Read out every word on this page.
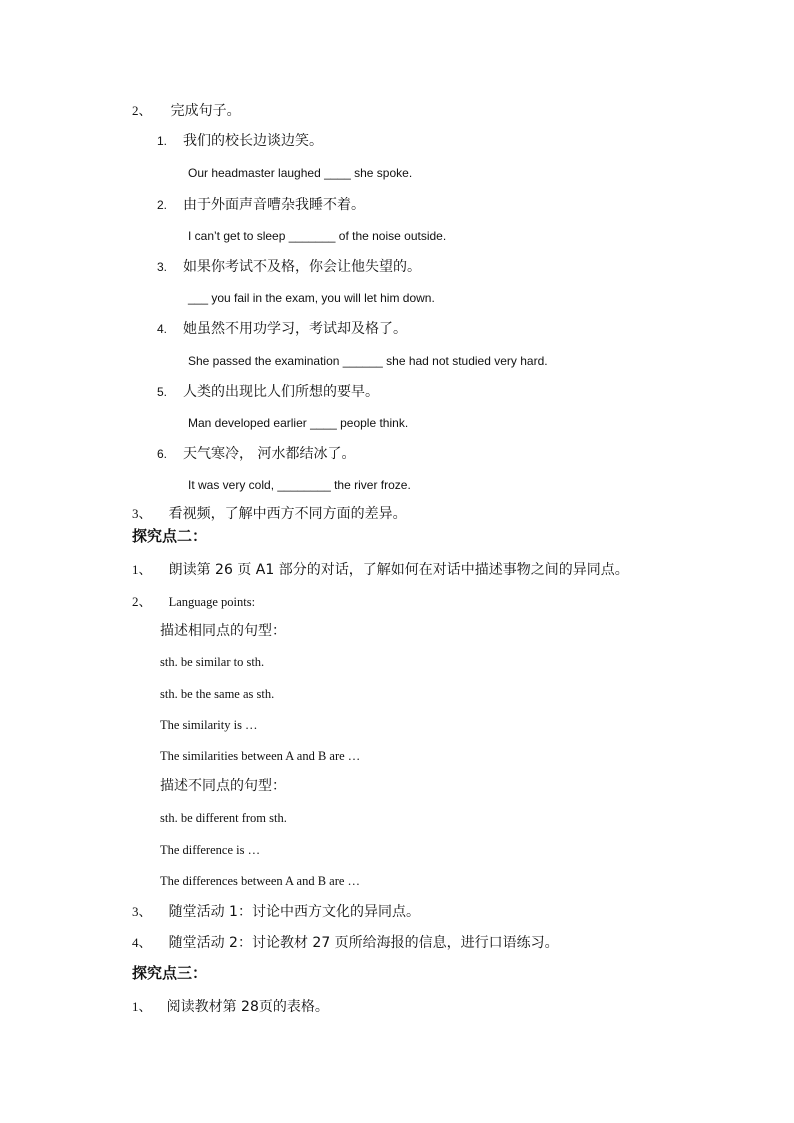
2、 完成句子。
1. 我们的校长边谈边笑。
Our headmaster laughed ____ she spoke.
2. 由于外面声音嘈杂我睡不着。
I can’t get to sleep _______ of the noise outside.
3. 如果你考试不及格，你会让他失望的。
___ you fail in the exam, you will let him down.
4. 她虽然不用功学习，考试却及格了。
She passed the examination ______ she had not studied very hard.
5. 人类的出现比人们所想的要早。
Man developed earlier ____ people think.
6. 天气寒冷， 河水都结冰了。
It was very cold, ________ the river froze.
3、 看视频，了解中西方不同方面的差异。
探究点二：
1、 朗读第 26 页 A1 部分的对话，了解如何在对话中描述事物之间的异同点。
2、 Language points:
描述相同点的句型：
sth. be similar to sth.
sth. be the same as sth.
The similarity is …
The similarities between A and B are …
描述不同点的句型：
sth. be different from sth.
The difference is …
The differences between A and B are …
3、 随堂活动 1：讨论中西方文化的异同点。
4、 随堂活动 2：讨论教材 27 页所给海报的信息，进行口语练习。
探究点三：
1、 阅读教材第 28页的表格。
